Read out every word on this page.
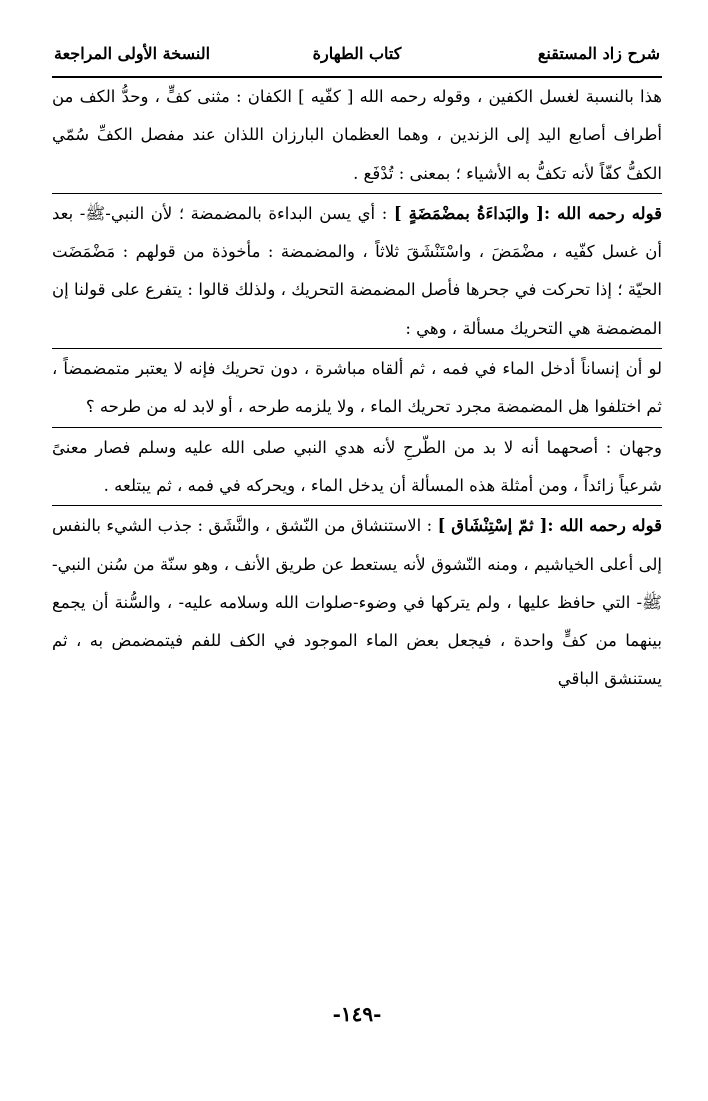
شرح زاد المستقنع
كتاب الطهارة
النسخة الأولى المراجعة

هذا بالنسبة لغسل الكفين ، وقوله رحمه الله [ كفّيه ] الكفان : مثنى كفٍّ ، وحدُّ الكف من أطراف أصابع اليد إلى الزندين ، وهما العظمان البارزان اللذان عند مفصل الكفِّ سُمّي الكفُّ كفّاً لأنه تكفُّ به الأشياء ؛ بمعنى : تُدْفَع .

قوله رحمه الله :[ والبَداءَةُ بمضْمَضَةٍ ] : أي يسن البداءة بالمضمضة ؛ لأن النبي-ﷺ- بعد أن غسل كفّيه ، مضْمَضَ ، واسْتَنْشَقَ ثلاثاً ، والمضمضة : مأخوذة من قولهم : مَضْمَضَت الحيّة ؛ إذا تحركت في جحرها فأصل المضمضة التحريك ، ولذلك قالوا : يتفرع على قولنا إن المضمضة هي التحريك مسألة ، وهي :

لو أن إنساناً أدخل الماء في فمه ، ثم ألقاه مباشرة ، دون تحريك فإنه لا يعتبر متمضمضاً ، ثم اختلفوا هل المضمضة مجرد تحريك الماء ، ولا يلزمه طرحه ، أو لابد له من طرحه ؟

وجهان : أصحهما أنه لا بد من الطّرحِ لأنه هدي النبي صلى الله عليه وسلم فصار معنىً شرعياً زائداً ، ومن أمثلة هذه المسألة أن يدخل الماء ، ويحركه في فمه ، ثم يبتلعه .

قوله رحمه الله :[ ثمّ إسْتِنْشَاق ] : الاستنشاق من النّشق ، والنَّشَق : جذب الشيء بالنفس إلى أعلى الخياشيم ، ومنه النّشوق لأنه يستعط عن طريق الأنف ، وهو سنّة من سُنن النبي-ﷺ- التي حافظ عليها ، ولم يتركها في وضوء-صلوات الله وسلامه عليه- ، والسُّنة أن يجمع بينهما من كفٍّ واحدة ، فيجعل بعض الماء الموجود في الكف للفم فيتمضمض به ، ثم يستنشق الباقي

-١٤٩-
